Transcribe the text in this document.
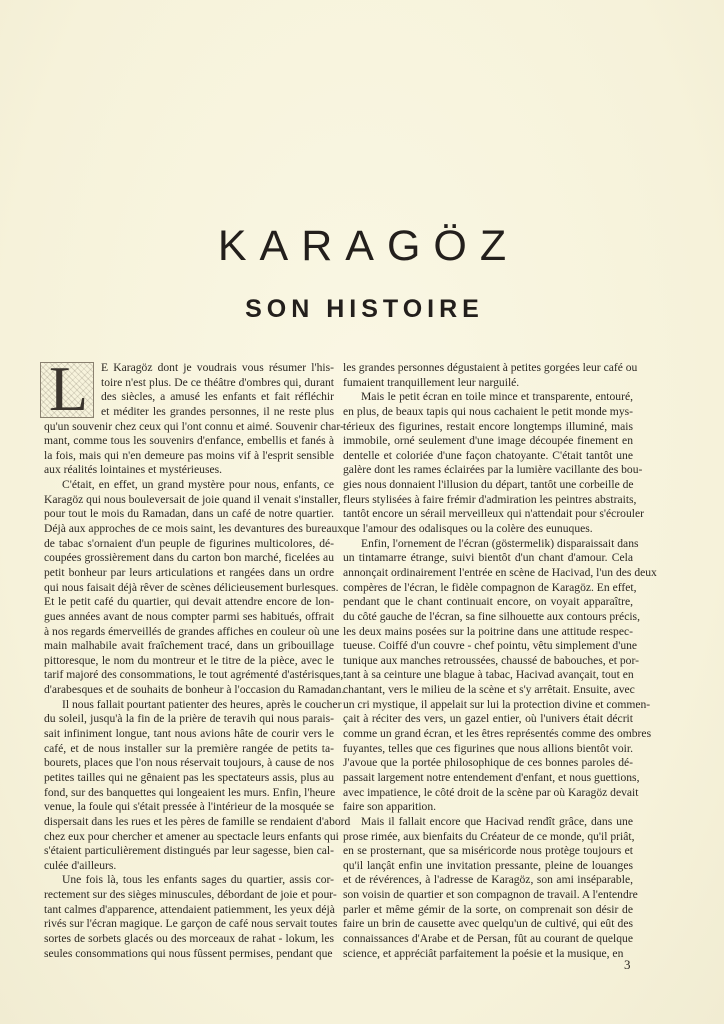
KARAGÖZ
SON HISTOIRE
L E Karagöz dont je voudrais vous résumer l'his-
toire n'est plus. De ce théâtre d'ombres qui, durant
des siècles, a amusé les enfants et fait réfléchir
et méditer les grandes personnes, il ne reste plus
qu'un souvenir chez ceux qui l'ont connu et aimé. Souvenir char-
mant, comme tous les souvenirs d'enfance, embellis et fanés à
la fois, mais qui n'en demeure pas moins vif à l'esprit sensible
aux réalités lointaines et mystérieuses.
C'était, en effet, un grand mystère pour nous, enfants, ce
Karagöz qui nous bouleversait de joie quand il venait s'installer,
pour tout le mois du Ramadan, dans un café de notre quartier.
Déjà aux approches de ce mois saint, les devantures des bureaux
de tabac s'ornaient d'un peuple de figurines multicolores, dé-
coupées grossièrement dans du carton bon marché, ficelées au
petit bonheur par leurs articulations et rangées dans un ordre
qui nous faisait déjà rêver de scènes délicieusement burlesques.
Et le petit café du quartier, qui devait attendre encore de lon-
gues années avant de nous compter parmi ses habitués, offrait
à nos regards émerveillés de grandes affiches en couleur où une
main malhabile avait fraîchement tracé, dans un gribouillage
pittoresque, le nom du montreur et le titre de la pièce, avec le
tarif majoré des consommations, le tout agrémenté d'astérisques,
d'arabesques et de souhaits de bonheur à l'occasion du Ramadan.
Il nous fallait pourtant patienter des heures, après le coucher
du soleil, jusqu'à la fin de la prière de teravih qui nous parais-
sait infiniment longue, tant nous avions hâte de courir vers le
café, et de nous installer sur la première rangée de petits ta-
bourets, places que l'on nous réservait toujours, à cause de nos
petites tailles qui ne gênaient pas les spectateurs assis, plus au
fond, sur des banquettes qui longeaient les murs. Enfin, l'heure
venue, la foule qui s'était pressée à l'intérieur de la mosquée se
dispersait dans les rues et les pères de famille se rendaient d'abord
chez eux pour chercher et amener au spectacle leurs enfants qui
s'étaient particulièrement distingués par leur sagesse, bien cal-
culée d'ailleurs.
Une fois là, tous les enfants sages du quartier, assis cor-
rectement sur des sièges minuscules, débordant de joie et pour-
tant calmes d'apparence, attendaient patiemment, les yeux déjà
rivés sur l'écran magique. Le garçon de café nous servait toutes
sortes de sorbets glacés ou des morceaux de rahat - lokum, les
seules consommations qui nous fûssent permises, pendant que
les grandes personnes dégustaient à petites gorgées leur café ou
fumaient tranquillement leur narguilé.
Mais le petit écran en toile mince et transparente, entouré,
en plus, de beaux tapis qui nous cachaient le petit monde mys-
térieux des figurines, restait encore longtemps illuminé, mais
immobile, orné seulement d'une image découpée finement en
dentelle et coloriée d'une façon chatoyante. C'était tantôt une
galère dont les rames éclairées par la lumière vacillante des bou-
gies nous donnaient l'illusion du départ, tantôt une corbeille de
fleurs stylisées à faire frémir d'admiration les peintres abstraits,
tantôt encore un sérail merveilleux qui n'attendait pour s'écrouler
que l'amour des odalisques ou la colère des eunuques.
Enfin, l'ornement de l'écran (göstermelik) disparaissait dans
un tintamarre étrange, suivi bientôt d'un chant d'amour. Cela
annonçait ordinairement l'entrée en scène de Hacivad, l'un des deux
compères de l'écran, le fidèle compagnon de Karagöz. En effet,
pendant que le chant continuait encore, on voyait apparaître,
du côté gauche de l'écran, sa fine silhouette aux contours précis,
les deux mains posées sur la poitrine dans une attitude respec-
tueuse. Coiffé d'un couvre - chef pointu, vêtu simplement d'une
tunique aux manches retroussées, chaussé de babouches, et por-
tant à sa ceinture une blague à tabac, Hacivad avançait, tout en
chantant, vers le milieu de la scène et s'y arrêtait. Ensuite, avec
un cri mystique, il appelait sur lui la protection divine et commen-
çait à réciter des vers, un gazel entier, où l'univers était décrit
comme un grand écran, et les êtres représentés comme des ombres
fuyantes, telles que ces figurines que nous allions bientôt voir.
J'avoue que la portée philosophique de ces bonnes paroles dé-
passait largement notre entendement d'enfant, et nous guettions,
avec impatience, le côté droit de la scène par où Karagöz devait
faire son apparition.
Mais il fallait encore que Hacivad rendît grâce, dans une
prose rimée, aux bienfaits du Créateur de ce monde, qu'il priât,
en se prosternant, que sa miséricorde nous protège toujours et
qu'il lançât enfin une invitation pressante, pleine de louanges
et de révérences, à l'adresse de Karagöz, son ami inséparable,
son voisin de quartier et son compagnon de travail. A l'entendre
parler et même gémir de la sorte, on comprenait son désir de
faire un brin de causette avec quelqu'un de cultivé, qui eût des
connaissances d'Arabe et de Persan, fût au courant de quelque
science, et appréciât parfaitement la poésie et la musique, en
3
